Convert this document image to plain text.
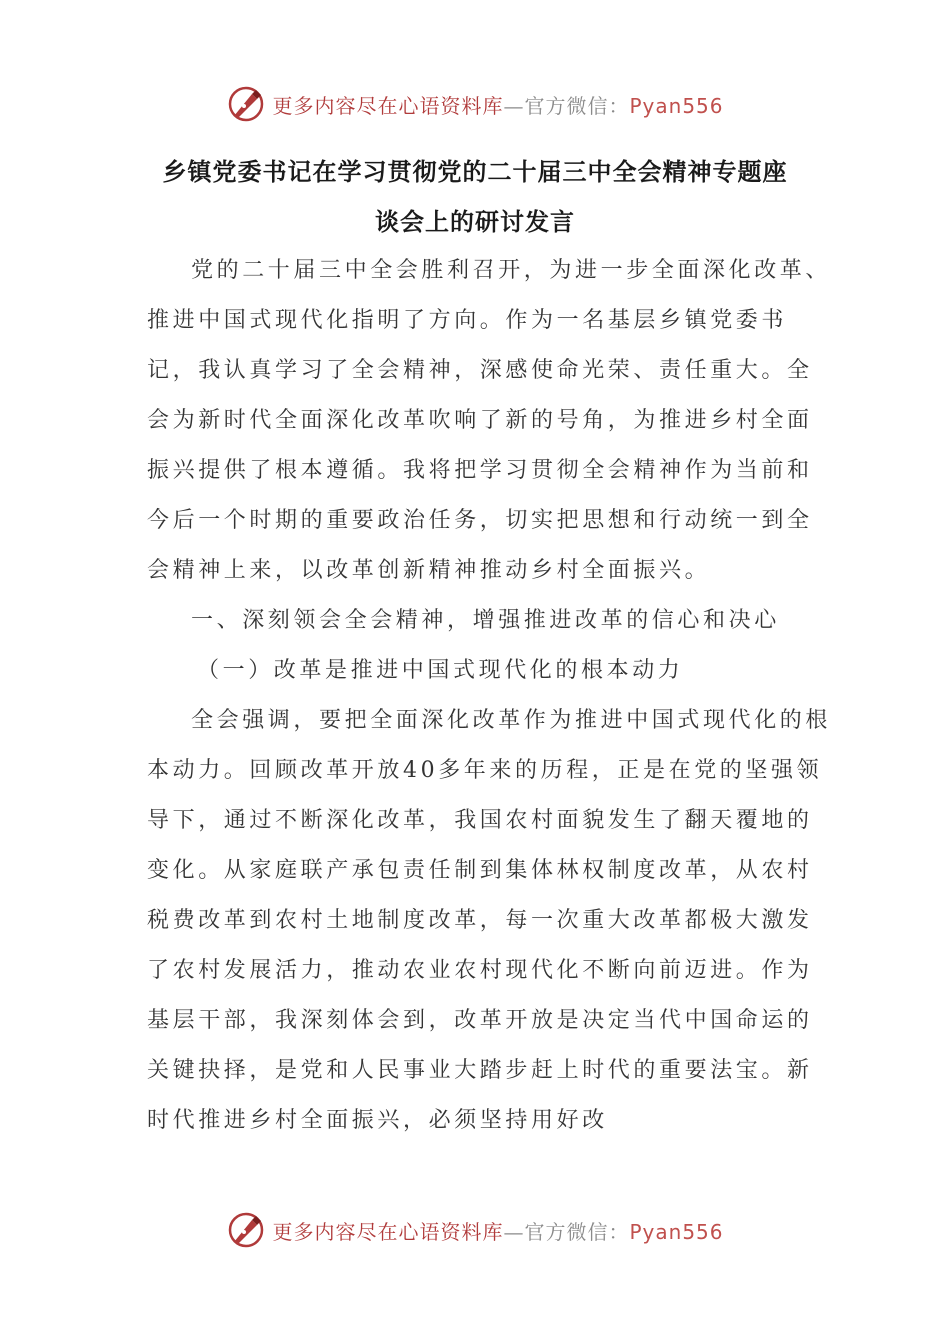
更多内容尽在心语资料库—官方微信：Pyan556
乡镇党委书记在学习贯彻党的二十届三中全会精神专题座
谈会上的研讨发言

党的二十届三中全会胜利召开，为进一步全面深化改革、推进中国式现代化指明了方向。作为一名基层乡镇党委书记，我认真学习了全会精神，深感使命光荣、责任重大。全会为新时代全面深化改革吹响了新的号角，为推进乡村全面振兴提供了根本遵循。我将把学习贯彻全会精神作为当前和今后一个时期的重要政治任务，切实把思想和行动统一到全会精神上来，以改革创新精神推动乡村全面振兴。

一、深刻领会全会精神，增强推进改革的信心和决心

（一）改革是推进中国式现代化的根本动力

全会强调，要把全面深化改革作为推进中国式现代化的根本动力。回顾改革开放40多年来的历程，正是在党的坚强领导下，通过不断深化改革，我国农村面貌发生了翻天覆地的变化。从家庭联产承包责任制到集体林权制度改革，从农村税费改革到农村土地制度改革，每一次重大改革都极大激发了农村发展活力，推动农业农村现代化不断向前迈进。作为基层干部，我深刻体会到，改革开放是决定当代中国命运的关键抉择，是党和人民事业大踏步赶上时代的重要法宝。新时代推进乡村全面振兴，必须坚持用好改

更多内容尽在心语资料库—官方微信：Pyan556
